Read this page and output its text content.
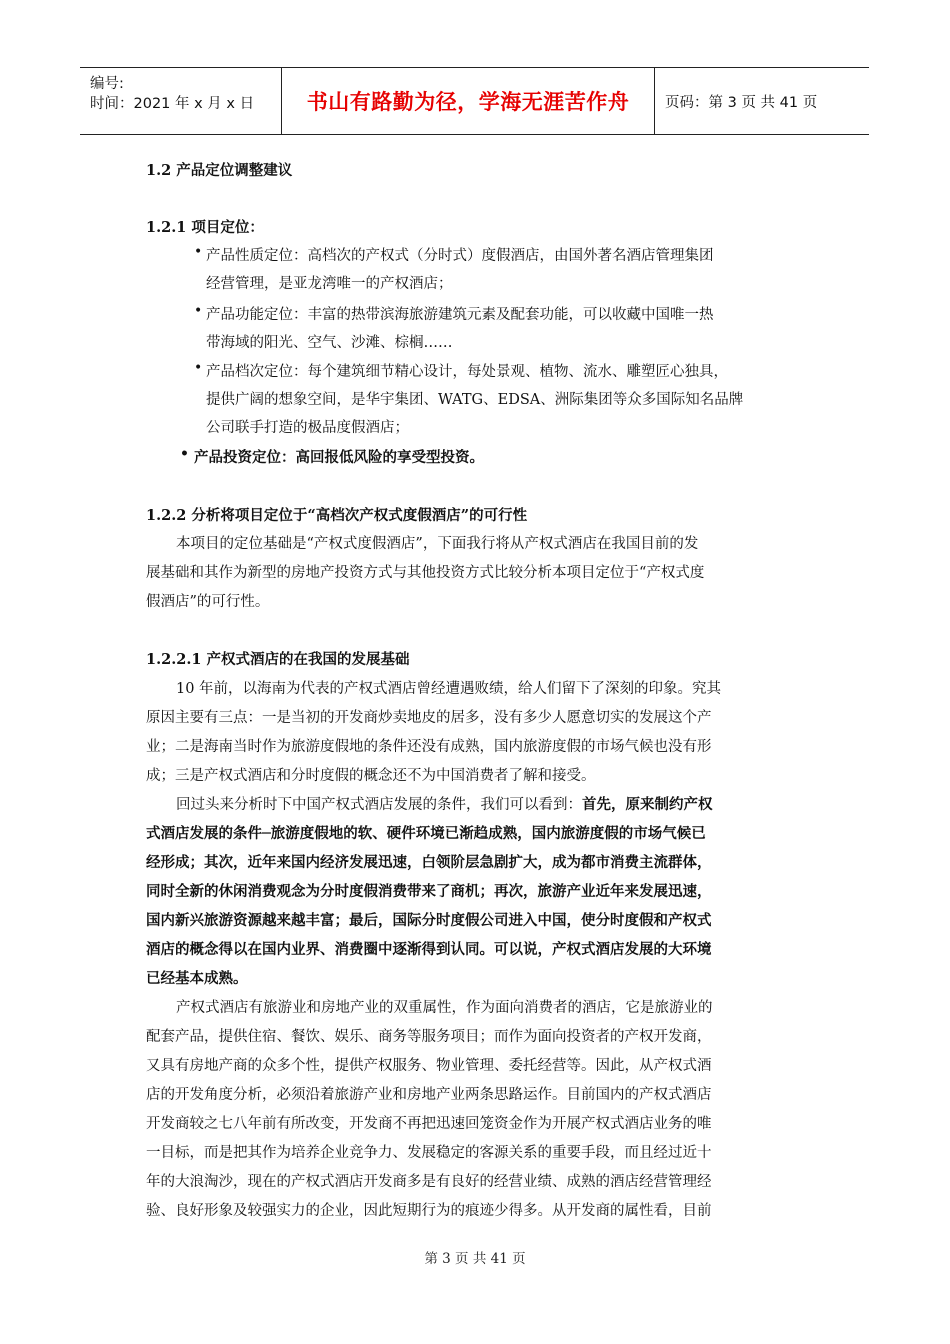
编号:
时间：2021 年 x 月 x 日	书山有路勤为径，学海无涯苦作舟	页码：第 3 页 共 41 页
1.2 产品定位调整建议
1.2.1 项目定位：
• 产品性质定位：高档次的产权式（分时式）度假酒店，由国外著名酒店管理集团
经营管理，是亚龙湾唯一的产权酒店；
• 产品功能定位：丰富的热带滨海旅游建筑元素及配套功能，可以收藏中国唯一热
带海域的阳光、空气、沙滩、棕榈……
• 产品档次定位：每个建筑细节精心设计，每处景观、植物、流水、雕塑匠心独具，
提供广阔的想象空间，是华宇集团、WATG、EDSA、洲际集团等众多国际知名品牌
公司联手打造的极品度假酒店；
• 产品投资定位：高回报低风险的享受型投资。
1.2.2 分析将项目定位于“高档次产权式度假酒店”的可行性
本项目的定位基础是“产权式度假酒店”，下面我行将从产权式酒店在我国目前的发
展基础和其作为新型的房地产投资方式与其他投资方式比较分析本项目定位于“产权式度
假酒店”的可行性。
1.2.2.1 产权式酒店的在我国的发展基础
10 年前，以海南为代表的产权式酒店曾经遭遇败绩，给人们留下了深刻的印象。究其
原因主要有三点：一是当初的开发商炒卖地皮的居多，没有多少人愿意切实的发展这个产
业；二是海南当时作为旅游度假地的条件还没有成熟，国内旅游度假的市场气候也没有形
成；三是产权式酒店和分时度假的概念还不为中国消费者了解和接受。
回过头来分析时下中国产权式酒店发展的条件，我们可以看到：首先，原来制约产权
式酒店发展的条件─旅游度假地的软、硬件环境已渐趋成熟，国内旅游度假的市场气候已
经形成；其次，近年来国内经济发展迅速，白领阶层急剧扩大，成为都市消费主流群体，
同时全新的休闲消费观念为分时度假消费带来了商机；再次，旅游产业近年来发展迅速，
国内新兴旅游资源越来越丰富；最后，国际分时度假公司进入中国，使分时度假和产权式
酒店的概念得以在国内业界、消费圈中逐渐得到认同。可以说，产权式酒店发展的大环境
已经基本成熟。
产权式酒店有旅游业和房地产业的双重属性，作为面向消费者的酒店，它是旅游业的
配套产品，提供住宿、餐饮、娱乐、商务等服务项目；而作为面向投资者的产权开发商，
又具有房地产商的众多个性，提供产权服务、物业管理、委托经营等。因此，从产权式酒
店的开发角度分析，必须沿着旅游产业和房地产业两条思路运作。目前国内的产权式酒店
开发商较之七八年前有所改变，开发商不再把迅速回笼资金作为开展产权式酒店业务的唯
一目标，而是把其作为培养企业竞争力、发展稳定的客源关系的重要手段，而且经过近十
年的大浪淘沙，现在的产权式酒店开发商多是有良好的经营业绩、成熟的酒店经营管理经
验、良好形象及较强实力的企业，因此短期行为的痕迹少得多。从开发商的属性看，目前
第 3 页 共 41 页
